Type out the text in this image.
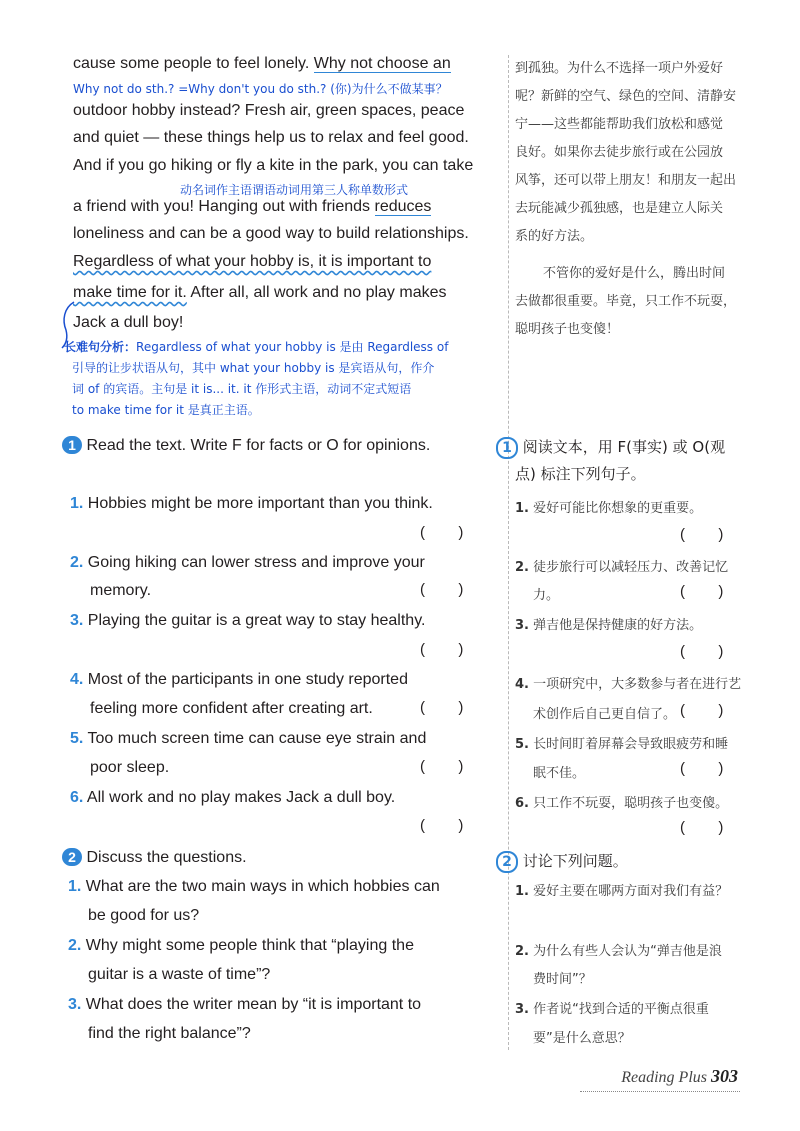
cause some people to feel lonely. Why not choose an
Why not do sth.? =Why don't you do sth.? (你)为什么不做某事？
outdoor hobby instead? Fresh air, green spaces, peace
and quiet — these things help us to relax and feel good.
And if you go hiking or fly a kite in the park, you can take
动名词作主语谓语动词用第三人称单数形式
a friend with you! Hanging out with friends reduces
loneliness and can be a good way to build relationships.
Regardless of what your hobby is, it is important to
make time for it. After all, all work and no play makes
Jack a dull boy!
长难句分析：Regardless of what your hobby is 是由 Regardless of
引导的让步状语从句，其中 what your hobby is 是宾语从句，作介
词 of 的宾语。主句是 it is... it. it 作形式主语，动词不定式短语
to make time for it 是真正主语。
到孤独。为什么不选择一项户外爱好
呢？新鲜的空气、绿色的空间、清静安
宁——这些都能帮助我们放松和感觉
良好。如果你去徒步旅行或在公园放
风筝，还可以带上朋友！和朋友一起出
去玩能减少孤独感，也是建立人际关
系的好方法。
不管你的爱好是什么，腾出时间
去做都很重要。毕竟，只工作不玩耍，
聪明孩子也变傻！
1 Read the text. Write F for facts or O for opinions.
1. Hobbies might be more important than you think.
(        )
2. Going hiking can lower stress and improve your
memory.	(        )
3. Playing the guitar is a great way to stay healthy.
(        )
4. Most of the participants in one study reported
feeling more confident after creating art.	(        )
5. Too much screen time can cause eye strain and
poor sleep.	(        )
6. All work and no play makes Jack a dull boy.
(        )
1 阅读文本，用 F(事实) 或 O(观
点) 标注下列句子。
1. 爱好可能比你想象的更重要。
(        )
2. 徒步旅行可以减轻压力、改善记忆
力。	(        )
3. 弹吉他是保持健康的好方法。
(        )
4. 一项研究中，大多数参与者在进行艺
术创作后自己更自信了。 (        )
5. 长时间盯着屏幕会导致眼疲劳和睡
眠不佳。	(        )
6. 只工作不玩耍，聪明孩子也变傻。
(        )
2 Discuss the questions.
1. What are the two main ways in which hobbies can
be good for us?
2. Why might some people think that “playing the
guitar is a waste of time”?
3. What does the writer mean by “it is important to
find the right balance”?
2 讨论下列问题。
1. 爱好主要在哪两方面对我们有益？
2. 为什么有些人会认为“弹吉他是浪
费时间”？
3. 作者说“找到合适的平衡点很重
要”是什么意思？
Reading Plus 303
